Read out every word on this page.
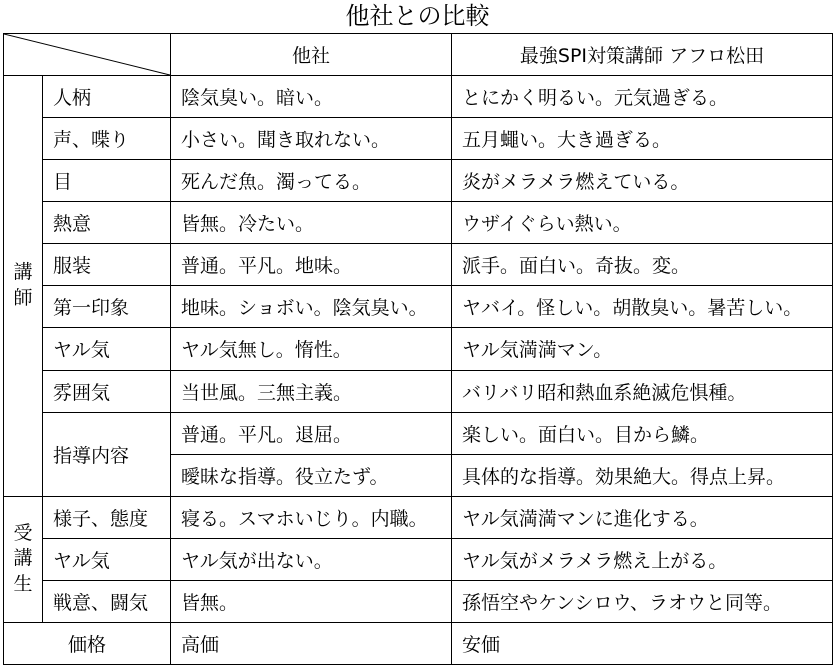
他社との比較
	他社	最強SPI対策講師 アフロ松田

講
師	人柄	陰気臭い。暗い。	とにかく明るい。元気過ぎる。
	声、喋り	小さい。聞き取れない。	五月蠅い。大き過ぎる。
	目	死んだ魚。濁ってる。	炎がメラメラ燃えている。
	熱意	皆無。冷たい。	ウザイぐらい熱い。
	服装	普通。平凡。地味。	派手。面白い。奇抜。変。
	第一印象	地味。ショボい。陰気臭い。	ヤバイ。怪しい。胡散臭い。暑苦しい。
	ヤル気	ヤル気無し。惰性。	ヤル気満満マン。
	雰囲気	当世風。三無主義。	バリバリ昭和熱血系絶滅危惧種。
	指導内容	普通。平凡。退屈。	楽しい。面白い。目から鱗。
		曖昧な指導。役立たず。	具体的な指導。効果絶大。得点上昇。

受
講
生	様子、態度	寝る。スマホいじり。内職。	ヤル気満満マンに進化する。
	ヤル気	ヤル気が出ない。	ヤル気がメラメラ燃え上がる。
	戦意、闘気	皆無。	孫悟空やケンシロウ、ラオウと同等。
価格		高価	安価
